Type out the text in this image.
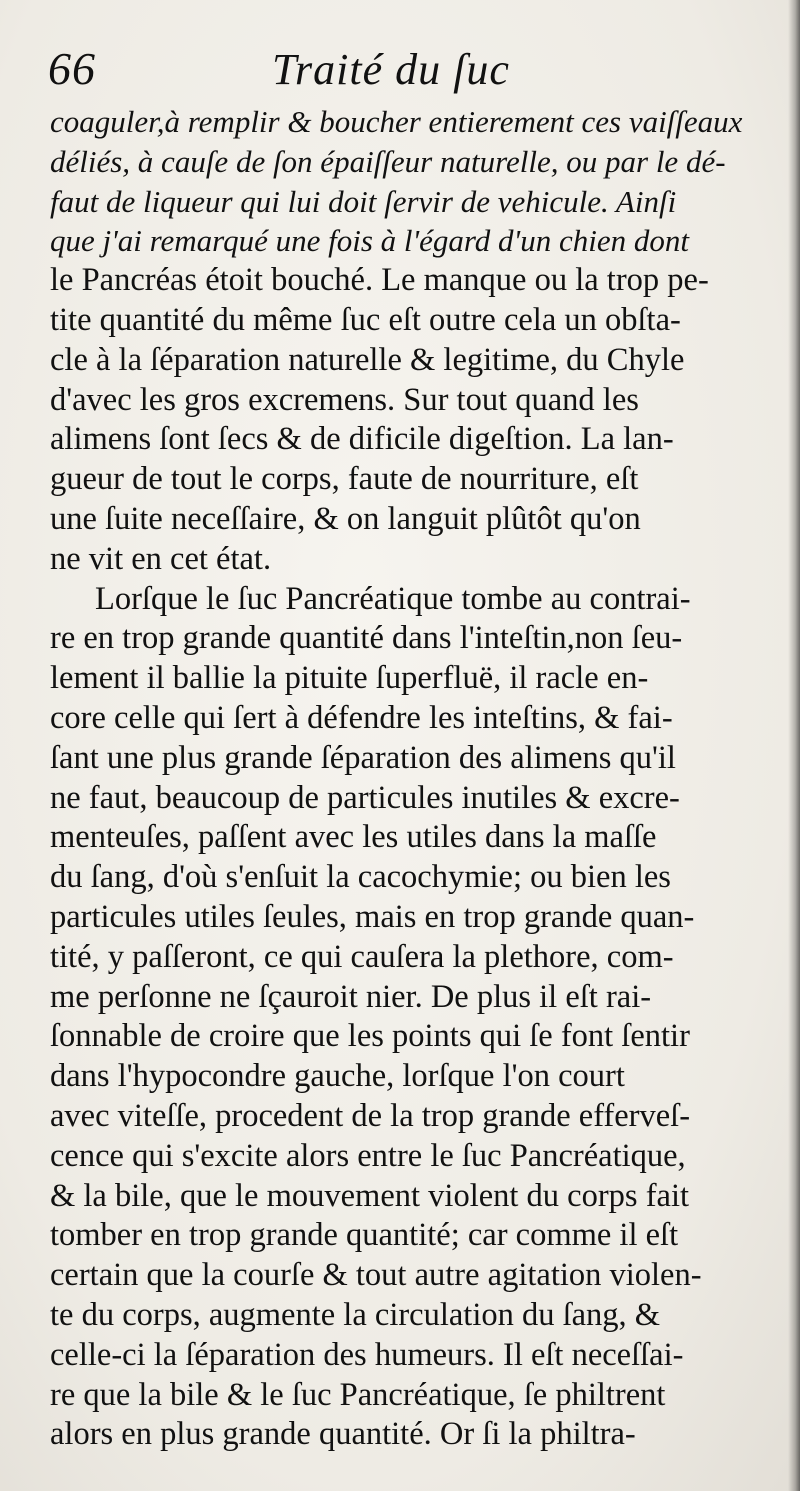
66	Traité du ſuc
coaguler,à remplir & boucher entierement ces vaiſſeaux
déliés, à cauſe de ſon épaiſſeur naturelle, ou par le dé-
faut de liqueur qui lui doit ſervir de vehicule. Ainſi
que j'ai remarqué une fois à l'égard d'un chien dont
le Pancréas étoit bouché. Le manque ou la trop pe-
tite quantité du même ſuc eſt outre cela un obſta-
cle à la ſéparation naturelle & legitime, du Chyle
d'avec les gros excremens. Sur tout quand les
alimens ſont ſecs & de dificile digeſtion. La lan-
gueur de tout le corps, faute de nourriture, eſt
une ſuite neceſſaire, & on languit plûtôt qu'on
ne vit en cet état.
Lorſque le ſuc Pancréatique tombe au contrai-
re en trop grande quantité dans l'inteſtin,non ſeu-
lement il ballie la pituite ſuperfluë, il racle en-
core celle qui ſert à défendre les inteſtins, & fai-
ſant une plus grande ſéparation des alimens qu'il
ne faut, beaucoup de particules inutiles & excre-
menteuſes, paſſent avec les utiles dans la maſſe
du ſang, d'où s'enſuit la cacochymie; ou bien les
particules utiles ſeules, mais en trop grande quan-
tité, y paſſeront, ce qui cauſera la plethore, com-
me perſonne ne ſçauroit nier. De plus il eſt rai-
ſonnable de croire que les points qui ſe font ſentir
dans l'hypocondre gauche, lorſque l'on court
avec viteſſe, procedent de la trop grande efferveſ-
cence qui s'excite alors entre le ſuc Pancréatique,
& la bile, que le mouvement violent du corps fait
tomber en trop grande quantité; car comme il eſt
certain que la courſe & tout autre agitation violen-
te du corps, augmente la circulation du ſang, &
celle-ci la ſéparation des humeurs. Il eſt neceſſai-
re que la bile & le ſuc Pancréatique, ſe philtrent
alors en plus grande quantité. Or ſi la philtra-
